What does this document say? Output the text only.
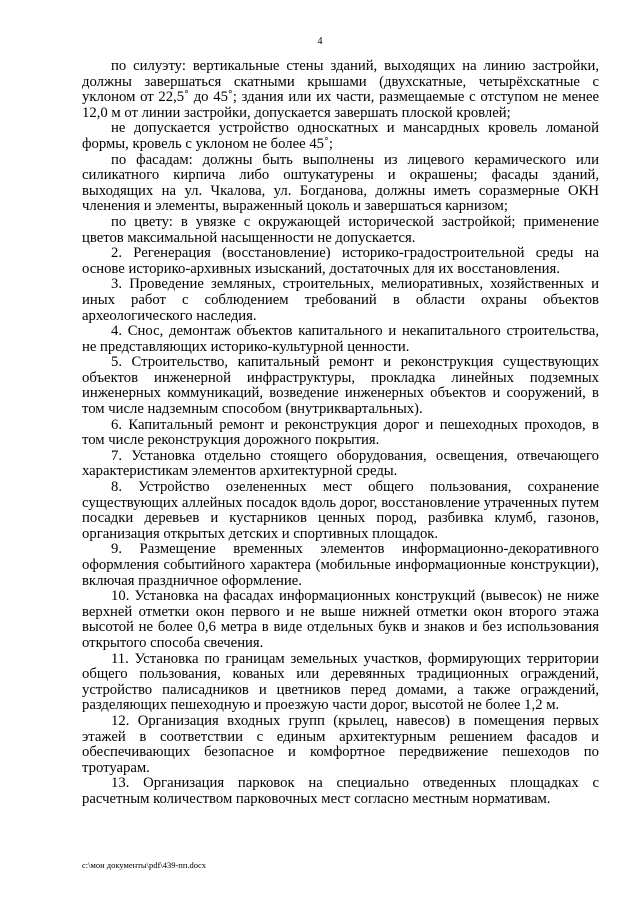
4

по силуэту: вертикальные стены зданий, выходящих на линию застройки, должны завершаться скатными крышами (двухскатные, четырёхскатные с уклоном от 22,5˚ до 45˚; здания или их части, размещаемые с отступом не менее 12,0 м от линии застройки, допускается завершать плоской кровлей;

не допускается устройство односкатных и мансардных кровель ломаной формы, кровель с уклоном не более 45˚;

по фасадам: должны быть выполнены из лицевого керамического или силикатного кирпича либо оштукатурены и окрашены; фасады зданий, выходящих на ул. Чкалова, ул. Богданова, должны иметь соразмерные ОКН членения и элементы, выраженный цоколь и завершаться карнизом;

по цвету: в увязке с окружающей исторической застройкой; применение цветов максимальной насыщенности не допускается.

2. Регенерация (восстановление) историко-градостроительной среды на основе историко-архивных изысканий, достаточных для их восстановления.

3. Проведение земляных, строительных, мелиоративных, хозяйственных и иных работ с соблюдением требований в области охраны объектов археологического наследия.

4. Снос, демонтаж объектов капитального и некапитального строительства, не представляющих историко-культурной ценности.

5. Строительство, капитальный ремонт и реконструкция существующих объектов инженерной инфраструктуры, прокладка линейных подземных инженерных коммуникаций, возведение инженерных объектов и сооружений, в том числе надземным способом (внутриквартальных).

6. Капитальный ремонт и реконструкция дорог и пешеходных проходов, в том числе реконструкция дорожного покрытия.

7. Установка отдельно стоящего оборудования, освещения, отвечающего характеристикам элементов архитектурной среды.

8. Устройство озелененных мест общего пользования, сохранение существующих аллейных посадок вдоль дорог, восстановление утраченных путем посадки деревьев и кустарников ценных пород, разбивка клумб, газонов, организация открытых детских и спортивных площадок.

9. Размещение временных элементов информационно-декоративного оформления событийного характера (мобильные информационные конструкции), включая праздничное оформление.

10. Установка на фасадах информационных конструкций (вывесок) не ниже верхней отметки окон первого и не выше нижней отметки окон второго этажа высотой не более 0,6 метра в виде отдельных букв и знаков и без использования открытого способа свечения.

11. Установка по границам земельных участков, формирующих территории общего пользования, кованых или деревянных традиционных ограждений, устройство палисадников и цветников перед домами, а также ограждений, разделяющих пешеходную и проезжую части дорог, высотой не более 1,2 м.

12. Организация входных групп (крылец, навесов) в помещения первых этажей в соответствии с единым архитектурным решением фасадов и обеспечивающих безопасное и комфортное передвижение пешеходов по тротуарам.

13. Организация парковок на специально отведенных площадках с расчетным количеством парковочных мест согласно местным нормативам.

c:\мои документы\pdf\439-пп.docx
